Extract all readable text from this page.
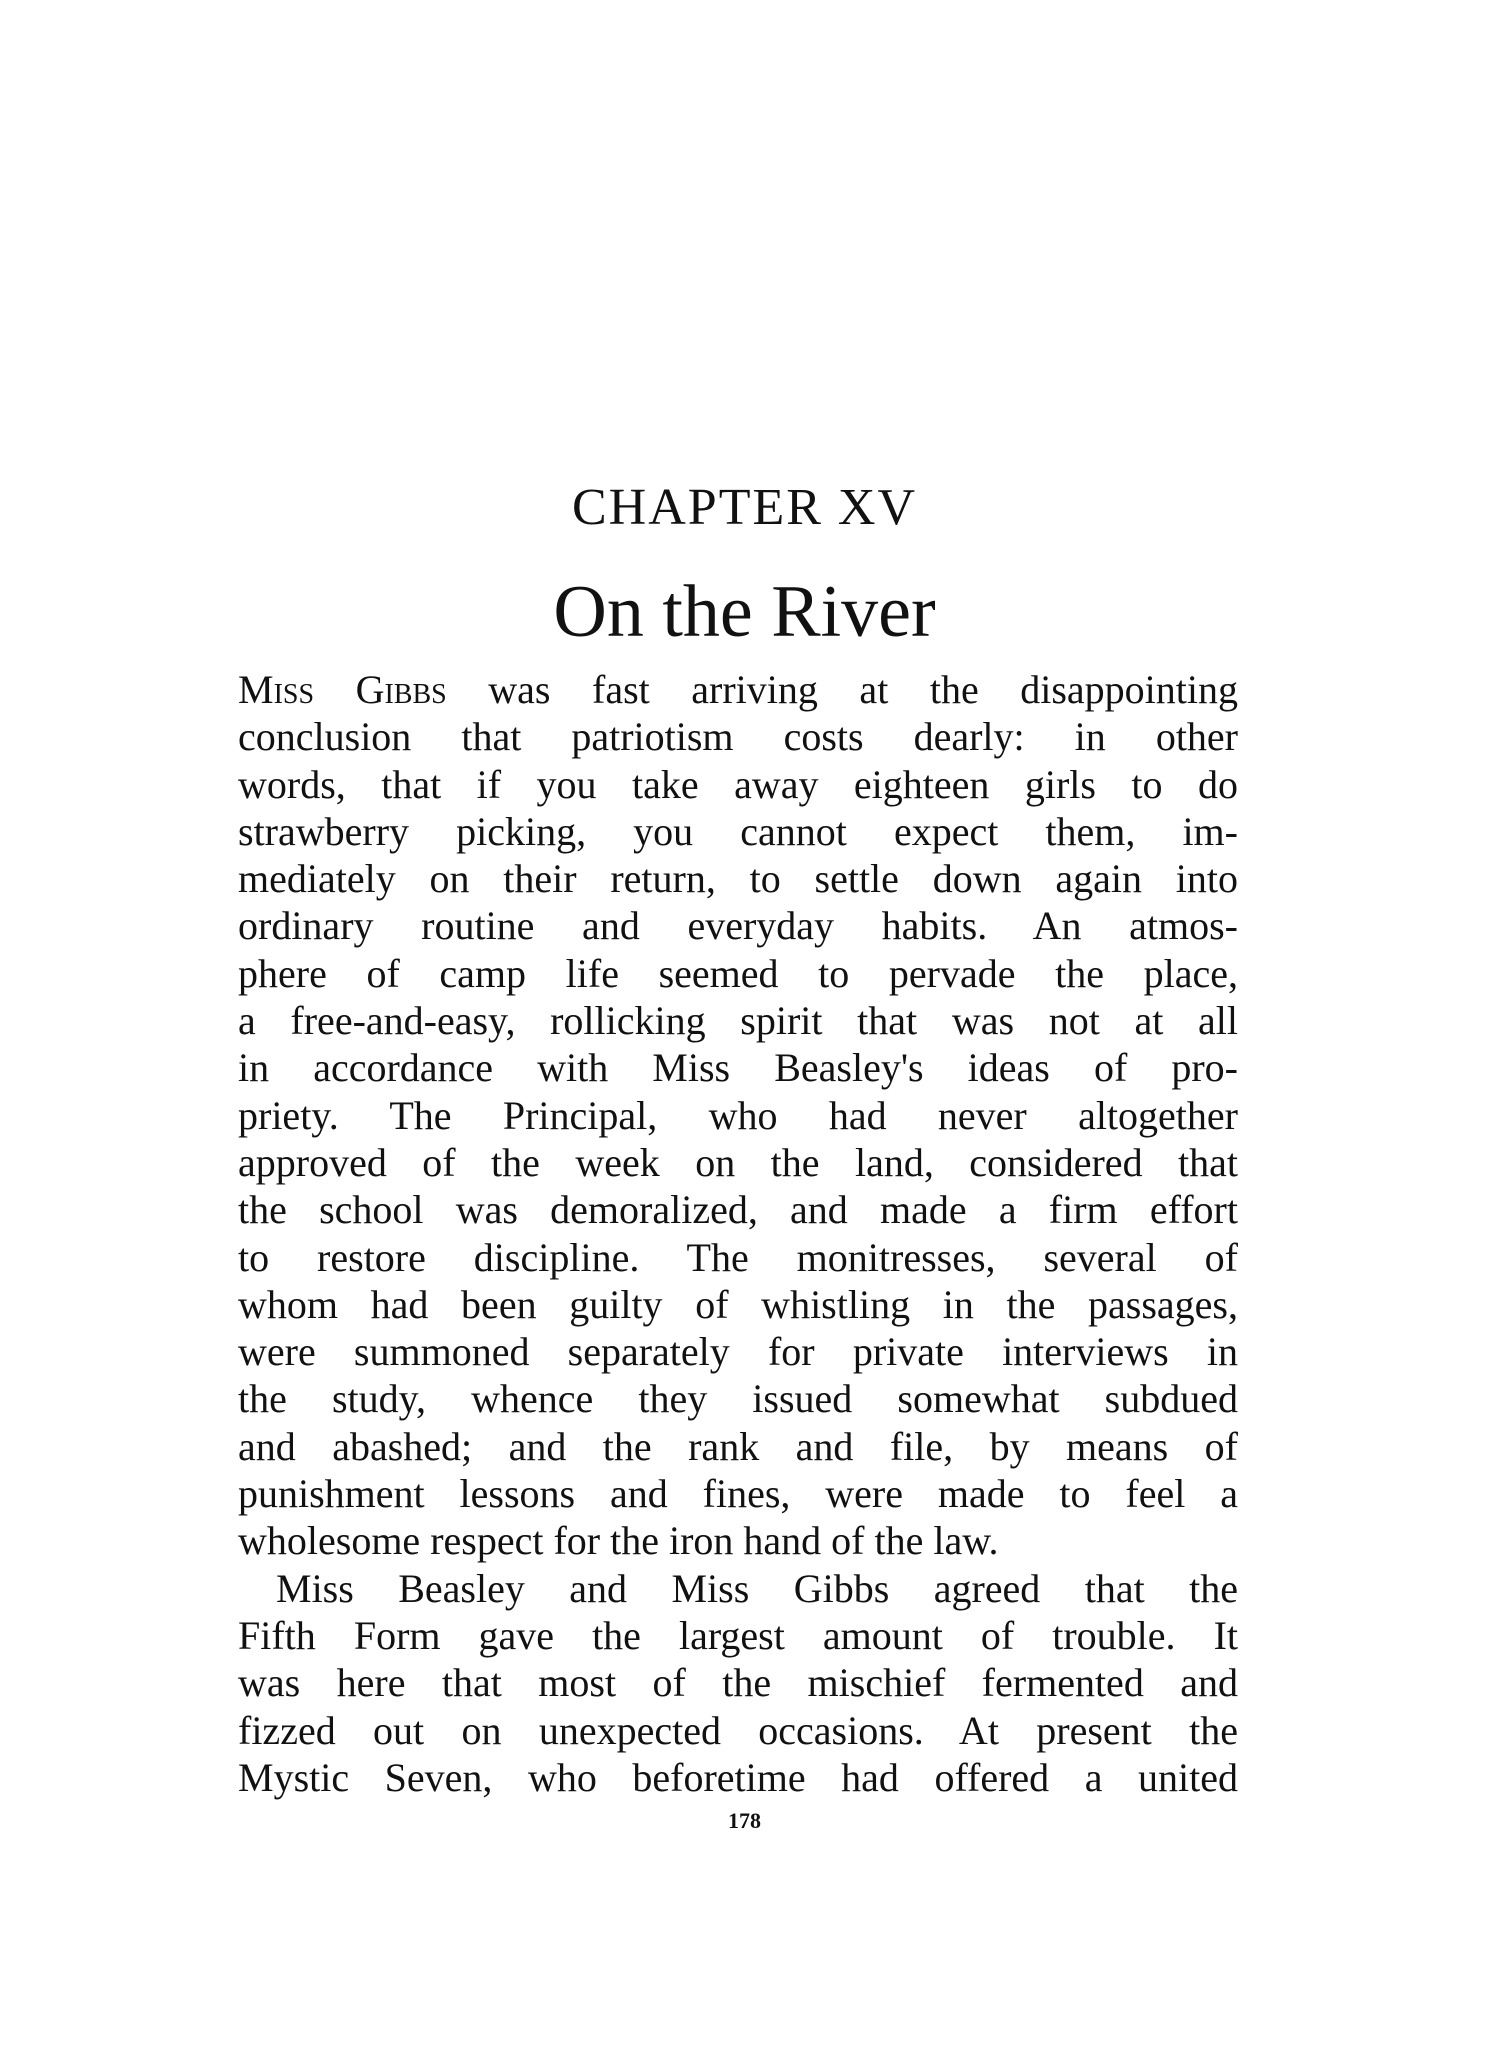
CHAPTER XV
On the River
Miss Gibbs was fast arriving at the disappointing
conclusion that patriotism costs dearly: in other
words, that if you take away eighteen girls to do
strawberry picking, you cannot expect them, im-
mediately on their return, to settle down again into
ordinary routine and everyday habits. An atmos-
phere of camp life seemed to pervade the place,
a free-and-easy, rollicking spirit that was not at all
in accordance with Miss Beasley's ideas of pro-
priety. The Principal, who had never altogether
approved of the week on the land, considered that
the school was demoralized, and made a firm effort
to restore discipline. The monitresses, several of
whom had been guilty of whistling in the passages,
were summoned separately for private interviews in
the study, whence they issued somewhat subdued
and abashed; and the rank and file, by means of
punishment lessons and fines, were made to feel a
wholesome respect for the iron hand of the law.
Miss Beasley and Miss Gibbs agreed that the
Fifth Form gave the largest amount of trouble. It
was here that most of the mischief fermented and
fizzed out on unexpected occasions. At present the
Mystic Seven, who beforetime had offered a united
178
